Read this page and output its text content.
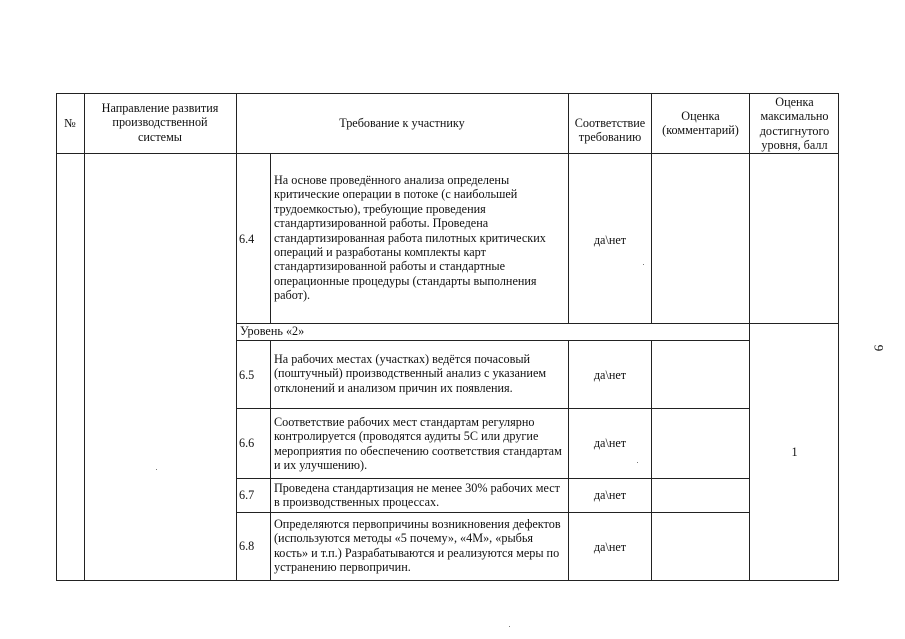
№
Направление развития производственной системы
Требование к участнику	Соответствие требованию
Оценка (комментарий)
Оценка максимально достигнутого уровня, балл
6.4
На основе проведённого анализа определены критические операции в потоке (с наибольшей трудоемкостью), требующие проведения стандартизированной работы. Проведена стандартизированная работа пилотных критических операций и разработаны комплекты карт стандартизированной работы и стандартные операционные процедуры (стандарты выполнения работ).
да\нет
Уровень «2»
1
6.5
На рабочих местах (участках) ведётся почасовый (поштучный) производственный анализ с указанием отклонений и анализом причин их появления.
да\нет
6.6
Соответствие рабочих мест стандартам регулярно контролируется (проводятся аудиты 5С или другие мероприятия по обеспечению соответствия стандартам и их улучшению).
да\нет
6.7	Проведена стандартизация не менее 30% рабочих мест в производственных процессах.
да\нет
6.8
Определяются первопричины возникновения дефектов (используются методы «5 почему», «4М», «рыбья кость» и т.п.) Разрабатываются и реализуются меры по устранению первопричин.
да\нет
9
